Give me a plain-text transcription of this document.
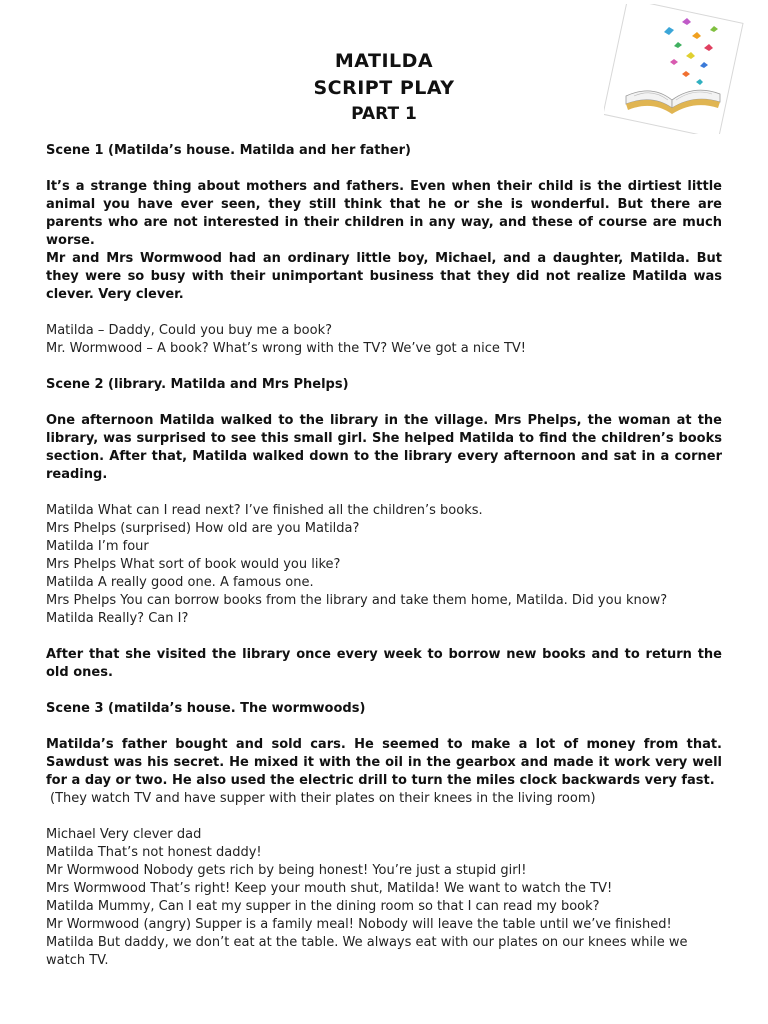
MATILDA
SCRIPT PLAY
PART 1
Scene 1 (Matilda’s house. Matilda and her father)
It’s a strange thing about mothers and fathers. Even when their child is the dirtiest little animal you have ever seen, they still think that he or she is wonderful. But there are parents who are not interested in their children in any way, and these of course are much worse.
Mr and Mrs Wormwood had an ordinary little boy, Michael, and a daughter, Matilda. But they were so busy with their unimportant business that they did not realize Matilda was clever. Very clever.
Matilda – Daddy, Could you buy me a book?
Mr. Wormwood – A book? What’s wrong with the TV? We’ve got a nice TV!
Scene 2 (library. Matilda and Mrs Phelps)
One afternoon Matilda walked to the library in the village. Mrs Phelps, the woman at the library, was surprised to see this small girl. She helped Matilda to find the children’s books section. After that, Matilda walked down to the library every afternoon and sat in a corner reading.
Matilda What can I read next? I’ve finished all the children’s books.
Mrs Phelps (surprised) How old are you Matilda?
Matilda I’m four
Mrs Phelps What sort of book would you like?
Matilda A really good one. A famous one.
Mrs Phelps You can borrow books from the library and take them home, Matilda. Did you know?
Matilda Really? Can I?
After that she visited the library once every week to borrow new books and to return the old ones.
Scene 3 (matilda’s house. The wormwoods)
Matilda’s father bought and sold cars. He seemed to make a lot of money from that. Sawdust was his secret. He mixed it with the oil in the gearbox and made it work very well for a day or two. He also used the electric drill to turn the miles clock backwards very fast.
(They watch TV and have supper with their plates on their knees in the living room)
Michael Very clever dad
Matilda That’s not honest daddy!
Mr Wormwood Nobody gets rich by being honest! You’re just a stupid girl!
Mrs Wormwood That’s right! Keep your mouth shut, Matilda! We want to watch the TV!
Matilda Mummy, Can I eat my supper in the dining room so that I can read my book?
Mr Wormwood (angry) Supper is a family meal! Nobody will leave the table until we’ve finished!
Matilda But daddy, we don’t eat at the table. We always eat with our plates on our knees while we watch TV.
